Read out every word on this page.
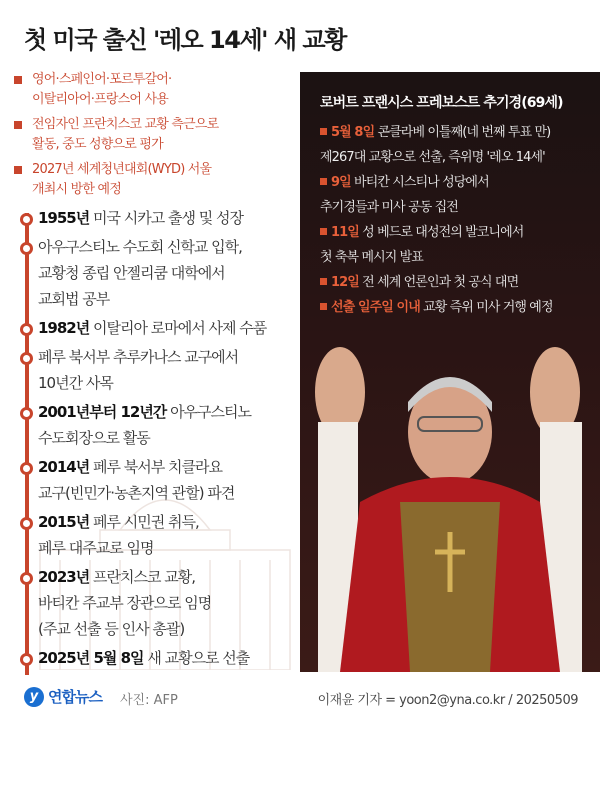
첫 미국 출신 '레오 14세' 새 교황
영어·스페인어·포르투갈어·
이탈리아어·프랑스어 사용
전임자인 프란치스코 교황 측근으로
활동, 중도 성향으로 평가
2027년 세계청년대회(WYD) 서울
개최시 방한 예정
1955년 미국 시카고 출생 및 성장
아우구스티노 수도회 신학교 입학,
교황청 종립 안젤리쿰 대학에서
교회법 공부
1982년 이탈리아 로마에서 사제 수품
페루 북서부 추루카나스 교구에서
10년간 사목
2001년부터 12년간 아우구스티노
수도회장으로 활동
2014년 페루 북서부 치클라요
교구(빈민가·농촌지역 관할) 파견
2015년 페루 시민권 취득,
페루 대주교로 임명
2023년 프란치스코 교황,
바티칸 주교부 장관으로 임명
(주교 선출 등 인사 총괄)
2025년 5월 8일 새 교황으로 선출
로버트 프랜시스 프레보스트 추기경(69세)
5월 8일 콘클라베 이틀째(네 번째 투표 만)
제267대 교황으로 선출, 즉위명 '레오 14세'
9일 바티칸 시스티나 성당에서
추기경들과 미사 공동 집전
11일 성 베드로 대성전의 발코니에서
첫 축복 메시지 발표
12일 전 세계 언론인과 첫 공식 대면
선출 일주일 이내 교황 즉위 미사 거행 예정
y 연합뉴스 사진: AFP	이재윤 기자 = yoon2@yna.co.kr / 20250509
